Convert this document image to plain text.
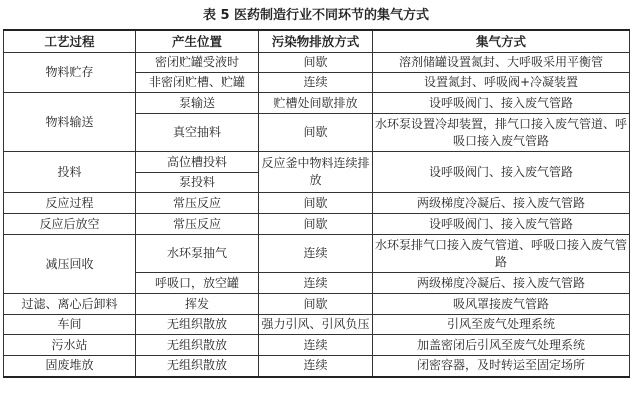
表 5 医药制造行业不同环节的集气方式
工艺过程	产生位置	污染物排放方式	集气方式
物料贮存	密闭贮罐受液时	间歇	溶剂储罐设置氮封、大呼吸采用平衡管
	非密闭贮槽、贮罐	连续	设置氮封、呼吸阀+冷凝装置
物料输送	泵输送	贮槽处间歇排放	设呼吸阀门、接入废气管路
	真空抽料	间歇	水环泵设置冷却装置，排气口接入废气管道、呼吸口接入废气管路
投料	高位槽投料	反应釜中物料连续排放	设呼吸阀门、接入废气管路
	泵投料		
反应过程	常压反应	间歇	两级梯度冷凝后、接入废气管路
反应后放空	常压反应	间歇	设呼吸阀门、接入废气管路
减压回收	水环泵抽气	连续	水环泵排气口接入废气管道、呼吸口接入废气管路
	呼吸口，放空罐	连续	两级梯度冷凝后、接入废气管路
过滤、离心后卸料	挥发	间歇	吸风罩接废气管路
车间	无组织散放	强力引风、引风负压	引风至废气处理系统
污水站	无组织散放	连续	加盖密闭后引风至废气处理系统
固废堆放	无组织散放	连续	闭密容器，及时转运至固定场所
